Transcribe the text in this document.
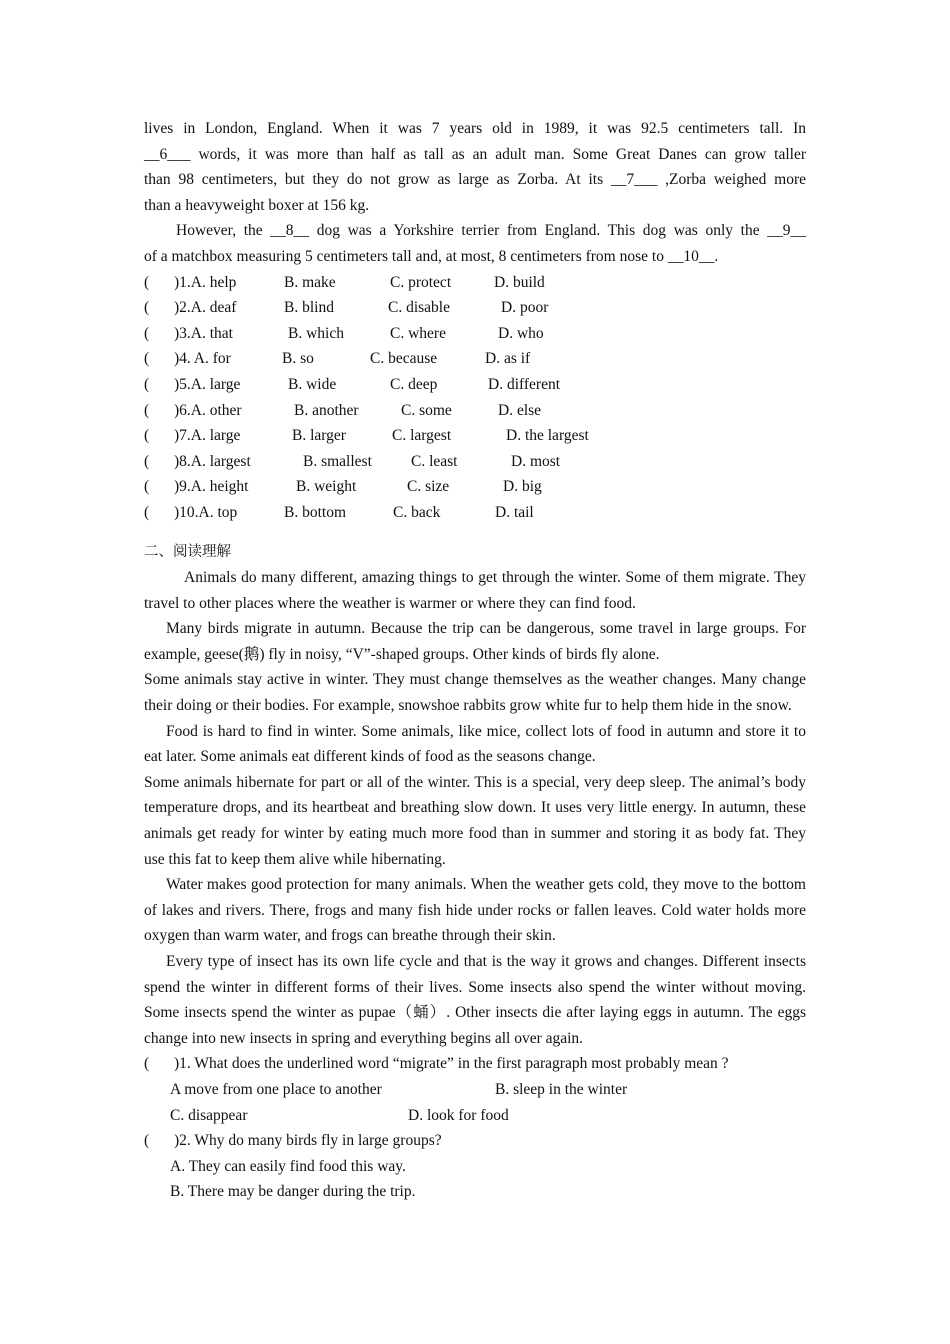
lives in London, England. When it was 7 years old in 1989, it was 92.5 centimeters tall. In

__6___ words, it was more than half as tall as an adult man. Some Great Danes can grow taller

than 98 centimeters, but they do not grow as large as Zorba. At its __7___ ,Zorba weighed more

than a heavyweight boxer at 156 kg.

However, the __8__ dog was a Yorkshire terrier from England. This dog was only the __9__

of a matchbox measuring 5 centimeters tall and, at most, 8 centimeters from nose to __10__.

( )1.A. help	B. make	C. protect	D. build
( )2.A. deaf	B. blind	C. disable	D. poor
( )3.A. that	B. which	C. where	D. who
( )4. A. for	B. so	C. because	D. as if
( )5.A. large	B. wide	C. deep	D. different
( )6.A. other	B. another	C. some	D. else
( )7.A. large	B. larger	C. largest	D. the largest
( )8.A. largest	B. smallest	C. least	D. most
( )9.A. height	B. weight	C. size	D. big
( )10.A. top	B. bottom	C. back	D. tail
二、阅读理解

Animals do many different, amazing things to get through the winter. Some of them migrate. They travel to other places where the weather is warmer or where they can find food.

Many birds migrate in autumn. Because the trip can be dangerous, some travel in large groups. For example, geese(鹅) fly in noisy, “V”-shaped groups. Other kinds of birds fly alone.

Some animals stay active in winter. They must change themselves as the weather changes. Many change their doing or their bodies. For example, snowshoe rabbits grow white fur to help them hide in the snow.

Food is hard to find in winter. Some animals, like mice, collect lots of food in autumn and store it to eat later. Some animals eat different kinds of food as the seasons change.

Some animals hibernate for part or all of the winter. This is a special, very deep sleep. The animal’s body temperature drops, and its heartbeat and breathing slow down. It uses very little energy. In autumn, these animals get ready for winter by eating much more food than in summer and storing it as body fat. They use this fat to keep them alive while hibernating.

Water makes good protection for many animals. When the weather gets cold, they move to the bottom of lakes and rivers. There, frogs and many fish hide under rocks or fallen leaves. Cold water holds more oxygen than warm water, and frogs can breathe through their skin.

Every type of insect has its own life cycle and that is the way it grows and changes. Different insects spend the winter in different forms of their lives. Some insects also spend the winter without moving. Some insects spend the winter as pupae（蛹）. Other insects die after laying eggs in autumn. The eggs change into new insects in spring and everything begins all over again.

( )1. What does the underlined word “migrate” in the first paragraph most probably mean ?
A move from one place to another	B. sleep in the winter
C. disappear	D. look for food
( )2. Why do many birds fly in large groups?
A. They can easily find food this way.
B. There may be danger during the trip.
